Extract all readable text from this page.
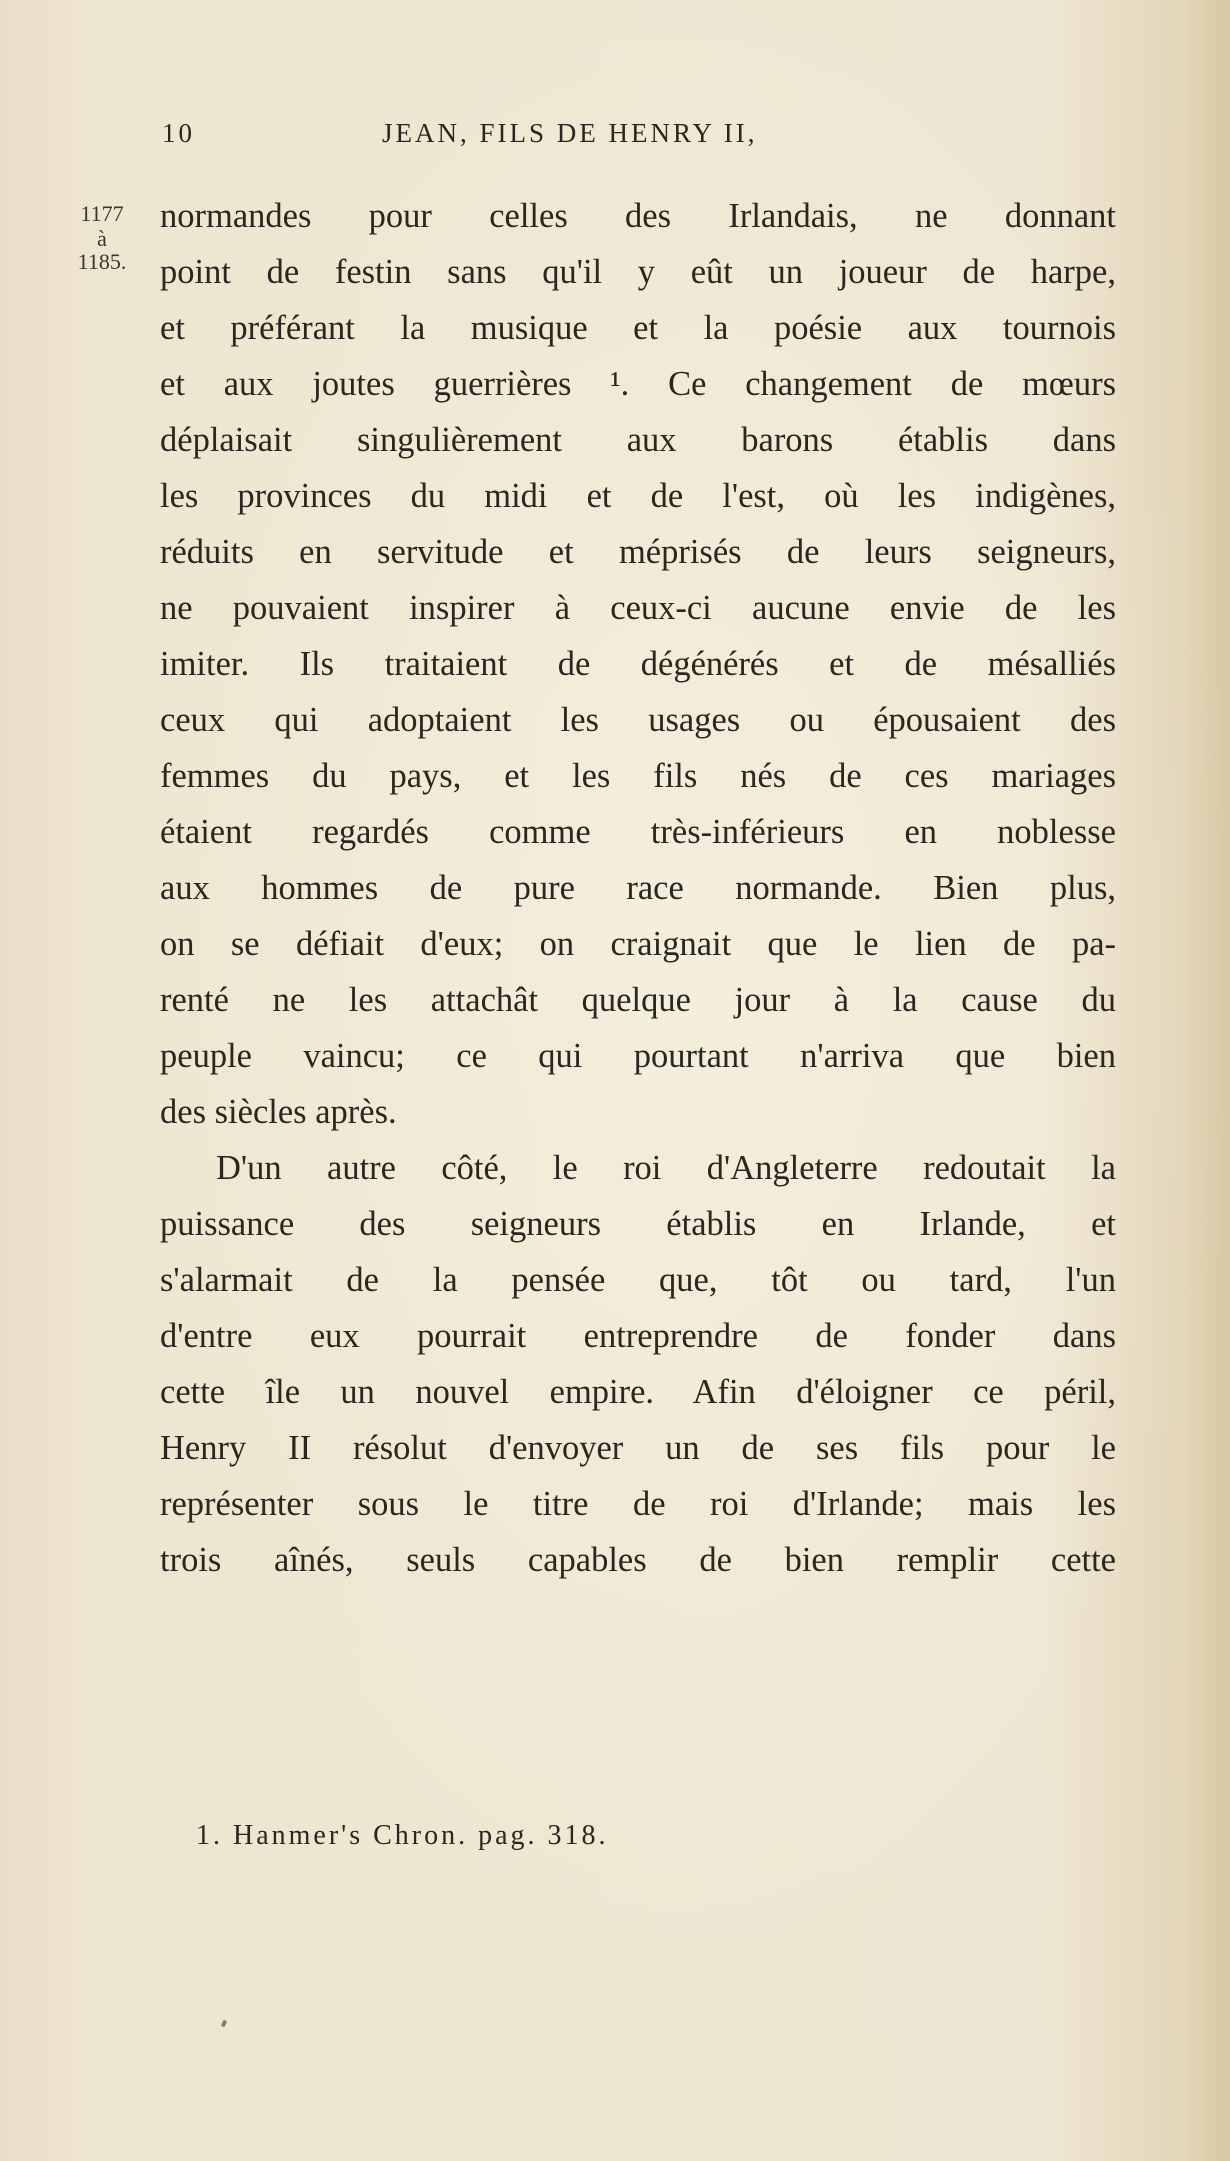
10	JEAN, FILS DE HENRY II,
1177
à
1185.
normandes pour celles des Irlandais, ne donnant
point de festin sans qu'il y eût un joueur de harpe,
et préférant la musique et la poésie aux tournois
et aux joutes guerrières ¹. Ce changement de mœurs
déplaisait singulièrement aux barons établis dans
les provinces du midi et de l'est, où les indigènes,
réduits en servitude et méprisés de leurs seigneurs,
ne pouvaient inspirer à ceux-ci aucune envie de les
imiter. Ils traitaient de dégénérés et de mésalliés
ceux qui adoptaient les usages ou épousaient des
femmes du pays, et les fils nés de ces mariages
étaient regardés comme très-inférieurs en noblesse
aux hommes de pure race normande. Bien plus,
on se défiait d'eux; on craignait que le lien de pa-
renté ne les attachât quelque jour à la cause du
peuple vaincu; ce qui pourtant n'arriva que bien
des siècles après.
D'un autre côté, le roi d'Angleterre redoutait la
puissance des seigneurs établis en Irlande, et
s'alarmait de la pensée que, tôt ou tard, l'un
d'entre eux pourrait entreprendre de fonder dans
cette île un nouvel empire. Afin d'éloigner ce péril,
Henry II résolut d'envoyer un de ses fils pour le
représenter sous le titre de roi d'Irlande; mais les
trois aînés, seuls capables de bien remplir cette
1. Hanmer's Chron. pag. 318.
